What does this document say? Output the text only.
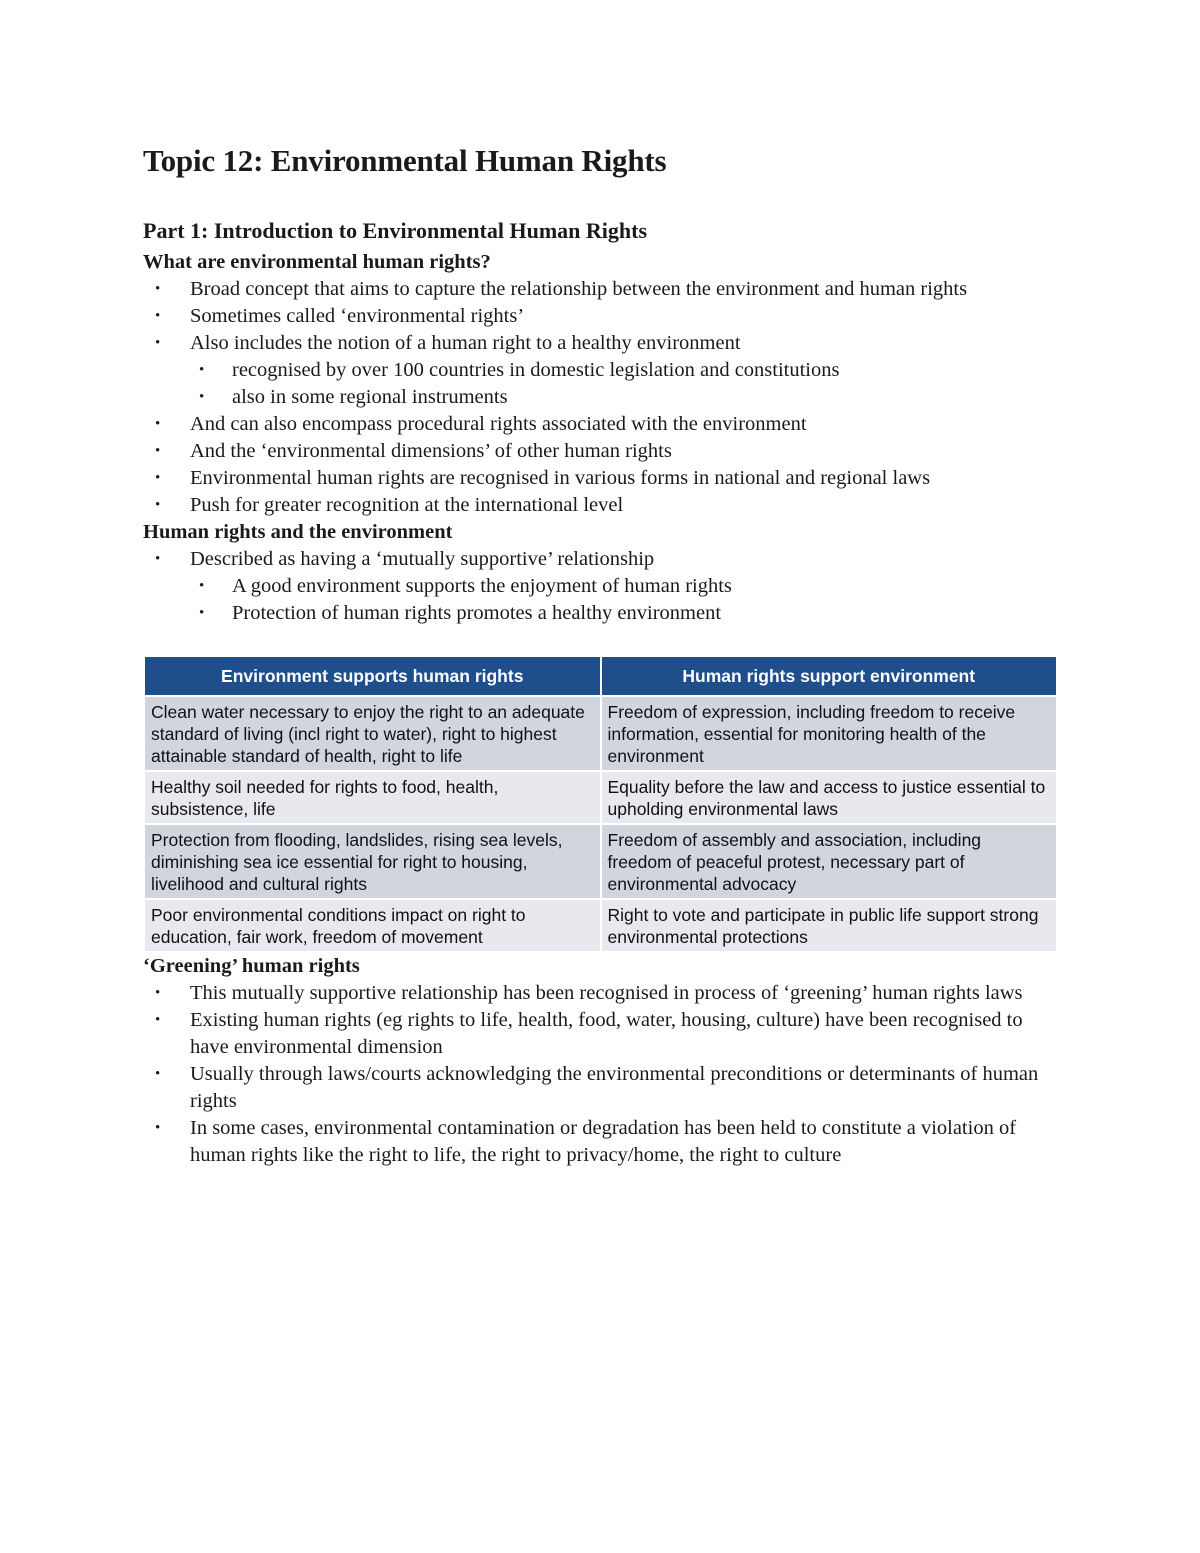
Topic 12: Environmental Human Rights
Part 1: Introduction to Environmental Human Rights
What are environmental human rights?
• Broad concept that aims to capture the relationship between the environment and human rights
• Sometimes called ‘environmental rights’
• Also includes the notion of a human right to a healthy environment
• recognised by over 100 countries in domestic legislation and constitutions
• also in some regional instruments
• And can also encompass procedural rights associated with the environment
• And the ‘environmental dimensions’ of other human rights
• Environmental human rights are recognised in various forms in national and regional laws
• Push for greater recognition at the international level
Human rights and the environment
• Described as having a ‘mutually supportive’ relationship
• A good environment supports the enjoyment of human rights
• Protection of human rights promotes a healthy environment
Environment supports human rights	Human rights support environment
Clean water necessary to enjoy the right to an adequate standard of living (incl right to water), right to highest attainable standard of health, right to life	Freedom of expression, including freedom to receive information, essential for monitoring health of the environment
Healthy soil needed for rights to food, health, subsistence, life	Equality before the law and access to justice essential to upholding environmental laws
Protection from flooding, landslides, rising sea levels, diminishing sea ice essential for right to housing, livelihood and cultural rights	Freedom of assembly and association, including freedom of peaceful protest, necessary part of environmental advocacy
Poor environmental conditions impact on right to education, fair work, freedom of movement	Right to vote and participate in public life support strong environmental protections
‘Greening’ human rights
• This mutually supportive relationship has been recognised in process of ‘greening’ human rights laws
• Existing human rights (eg rights to life, health, food, water, housing, culture) have been recognised to have environmental dimension
• Usually through laws/courts acknowledging the environmental preconditions or determinants of human rights
• In some cases, environmental contamination or degradation has been held to constitute a violation of human rights like the right to life, the right to privacy/home, the right to culture
